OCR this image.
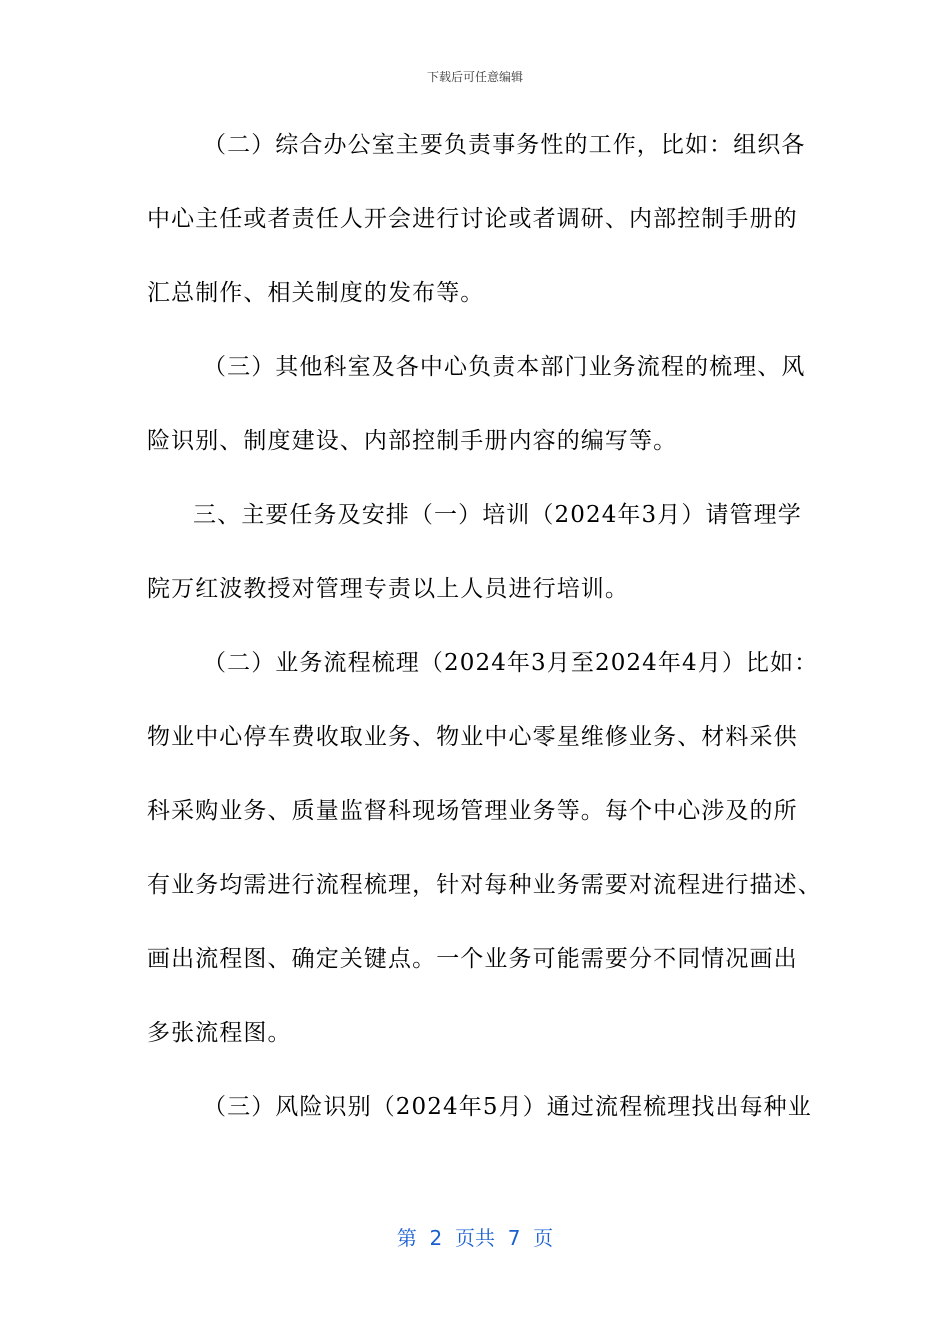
下载后可任意编辑
（二）综合办公室主要负责事务性的工作，比如：组织各
中心主任或者责任人开会进行讨论或者调研、内部控制手册的
汇总制作、相关制度的发布等。
（三）其他科室及各中心负责本部门业务流程的梳理、风
险识别、制度建设、内部控制手册内容的编写等。
三、主要任务及安排（一）培训（2024年3月）请管理学
院万红波教授对管理专责以上人员进行培训。
（二）业务流程梳理（2024年3月至2024年4月）比如：
物业中心停车费收取业务、物业中心零星维修业务、材料采供
科采购业务、质量监督科现场管理业务等。每个中心涉及的所
有业务均需进行流程梳理，针对每种业务需要对流程进行描述、
画出流程图、确定关键点。一个业务可能需要分不同情况画出
多张流程图。
（三）风险识别（2024年5月）通过流程梳理找出每种业
第  2  页共  7  页
